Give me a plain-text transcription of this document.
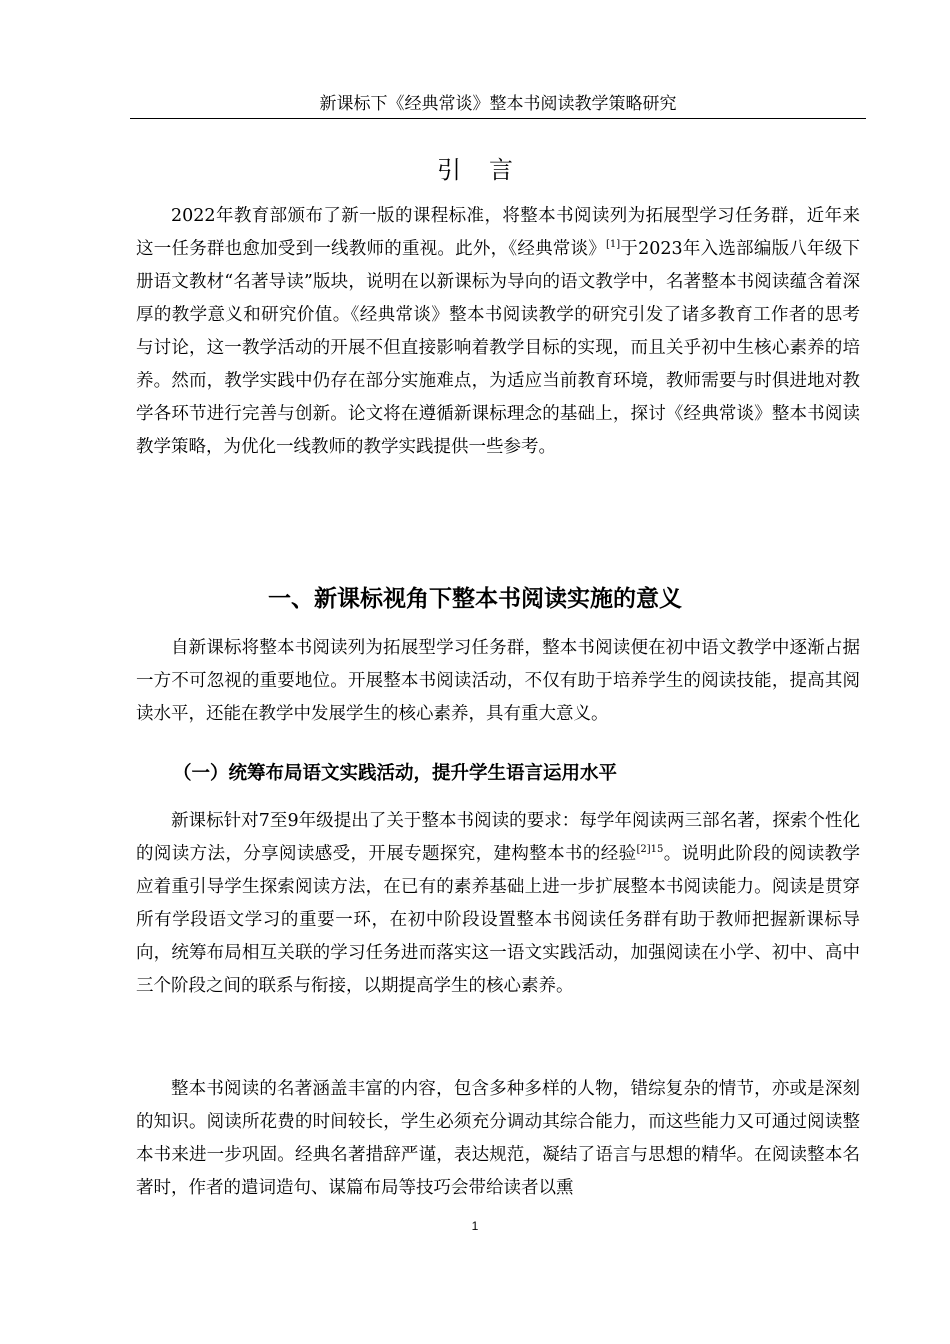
新课标下《经典常谈》整本书阅读教学策略研究
引言

2022年教育部颁布了新一版的课程标准，将整本书阅读列为拓展型学习任务群，近年来这一任务群也愈加受到一线教师的重视。此外，《经典常谈》[1]于2023年入选部编版八年级下册语文教材“名著导读”版块，说明在以新课标为导向的语文教学中，名著整本书阅读蕴含着深厚的教学意义和研究价值。《经典常谈》整本书阅读教学的研究引发了诸多教育工作者的思考与讨论，这一教学活动的开展不但直接影响着教学目标的实现，而且关乎初中生核心素养的培养。然而，教学实践中仍存在部分实施难点，为适应当前教育环境，教师需要与时俱进地对教学各环节进行完善与创新。论文将在遵循新课标理念的基础上，探讨《经典常谈》整本书阅读教学策略，为优化一线教师的教学实践提供一些参考。

一、新课标视角下整本书阅读实施的意义

自新课标将整本书阅读列为拓展型学习任务群，整本书阅读便在初中语文教学中逐渐占据一方不可忽视的重要地位。开展整本书阅读活动，不仅有助于培养学生的阅读技能，提高其阅读水平，还能在教学中发展学生的核心素养，具有重大意义。

（一）统筹布局语文实践活动，提升学生语言运用水平

新课标针对7至9年级提出了关于整本书阅读的要求：每学年阅读两三部名著，探索个性化的阅读方法，分享阅读感受，开展专题探究，建构整本书的经验$^{[2]15}$。说明此阶段的阅读教学应着重引导学生探索阅读方法，在已有的素养基础上进一步扩展整本书阅读能力。阅读是贯穿所有学段语文学习的重要一环，在初中阶段设置整本书阅读任务群有助于教师把握新课标导向，统筹布局相互关联的学习任务进而落实这一语文实践活动，加强阅读在小学、初中、高中三个阶段之间的联系与衔接，以期提高学生的核心素养。

整本书阅读的名著涵盖丰富的内容，包含多种多样的人物，错综复杂的情节，亦或是深刻的知识。阅读所花费的时间较长，学生必须充分调动其综合能力，而这些能力又可通过阅读整本书来进一步巩固。经典名著措辞严谨，表达规范，凝结了语言与思想的精华。在阅读整本名著时，作者的遣词造句、谋篇布局等技巧会带给读者以熏

1
